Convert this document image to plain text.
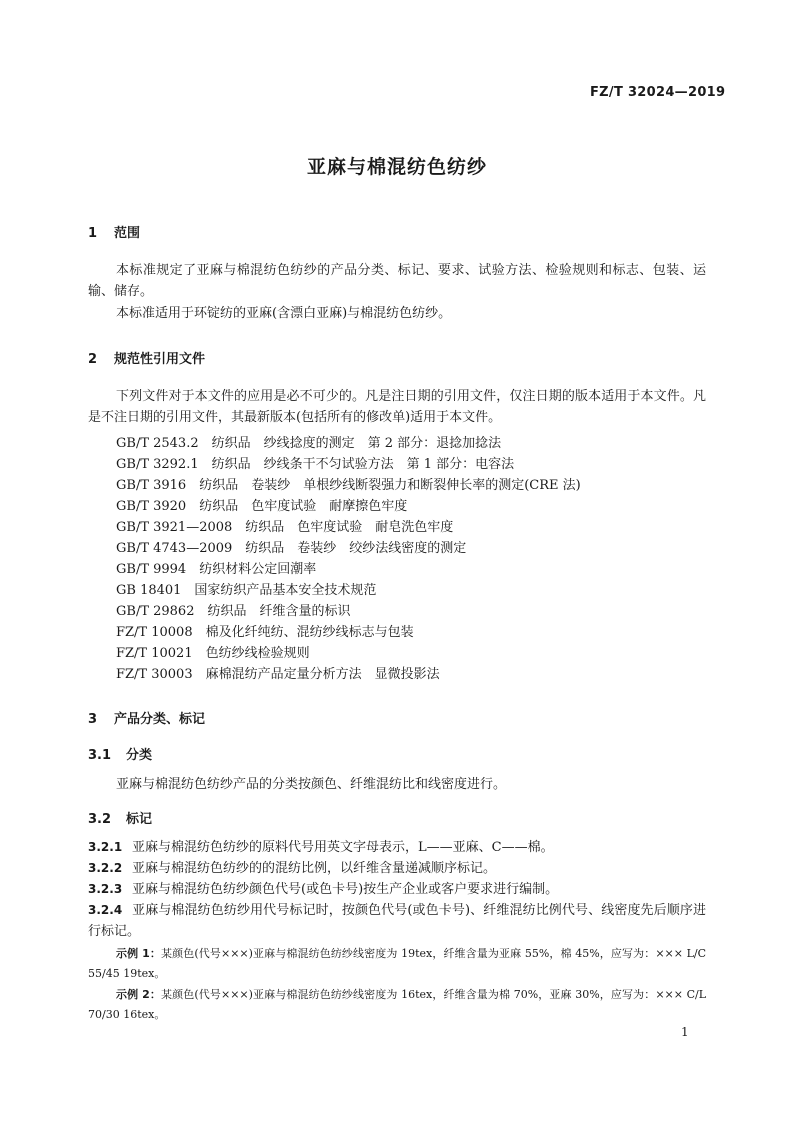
FZ/T 32024—2019
亚麻与棉混纺色纺纱
1 范围
本标准规定了亚麻与棉混纺色纺纱的产品分类、标记、要求、试验方法、检验规则和标志、包装、运输、储存。
本标准适用于环锭纺的亚麻(含漂白亚麻)与棉混纺色纺纱。
2 规范性引用文件
下列文件对于本文件的应用是必不可少的。凡是注日期的引用文件，仅注日期的版本适用于本文件。凡是不注日期的引用文件，其最新版本(包括所有的修改单)适用于本文件。
GB/T 2543.2　纺织品　纱线捻度的测定　第 2 部分：退捻加捻法
GB/T 3292.1　纺织品　纱线条干不匀试验方法　第 1 部分：电容法
GB/T 3916　纺织品　卷装纱　单根纱线断裂强力和断裂伸长率的测定(CRE 法)
GB/T 3920　纺织品　色牢度试验　耐摩擦色牢度
GB/T 3921—2008　纺织品　色牢度试验　耐皂洗色牢度
GB/T 4743—2009　纺织品　卷装纱　绞纱法线密度的测定
GB/T 9994　纺织材料公定回潮率
GB 18401　国家纺织产品基本安全技术规范
GB/T 29862　纺织品　纤维含量的标识
FZ/T 10008　棉及化纤纯纺、混纺纱线标志与包装
FZ/T 10021　色纺纱线检验规则
FZ/T 30003　麻棉混纺产品定量分析方法　显微投影法
3 产品分类、标记
3.1 分类
亚麻与棉混纺色纺纱产品的分类按颜色、纤维混纺比和线密度进行。
3.2 标记
3.2.1 亚麻与棉混纺色纺纱的原料代号用英文字母表示，L——亚麻、C——棉。
3.2.2 亚麻与棉混纺色纺纱的的混纺比例，以纤维含量递减顺序标记。
3.2.3 亚麻与棉混纺色纺纱颜色代号(或色卡号)按生产企业或客户要求进行编制。
3.2.4 亚麻与棉混纺色纺纱用代号标记时，按颜色代号(或色卡号)、纤维混纺比例代号、线密度先后顺序进行标记。
示例 1：某颜色(代号×××)亚麻与棉混纺色纺纱线密度为 19tex，纤维含量为亚麻 55%，棉 45%，应写为：××× L/C 55/45 19tex。
示例 2：某颜色(代号×××)亚麻与棉混纺色纺纱线密度为 16tex，纤维含量为棉 70%，亚麻 30%，应写为：××× C/L 70/30 16tex。
1
